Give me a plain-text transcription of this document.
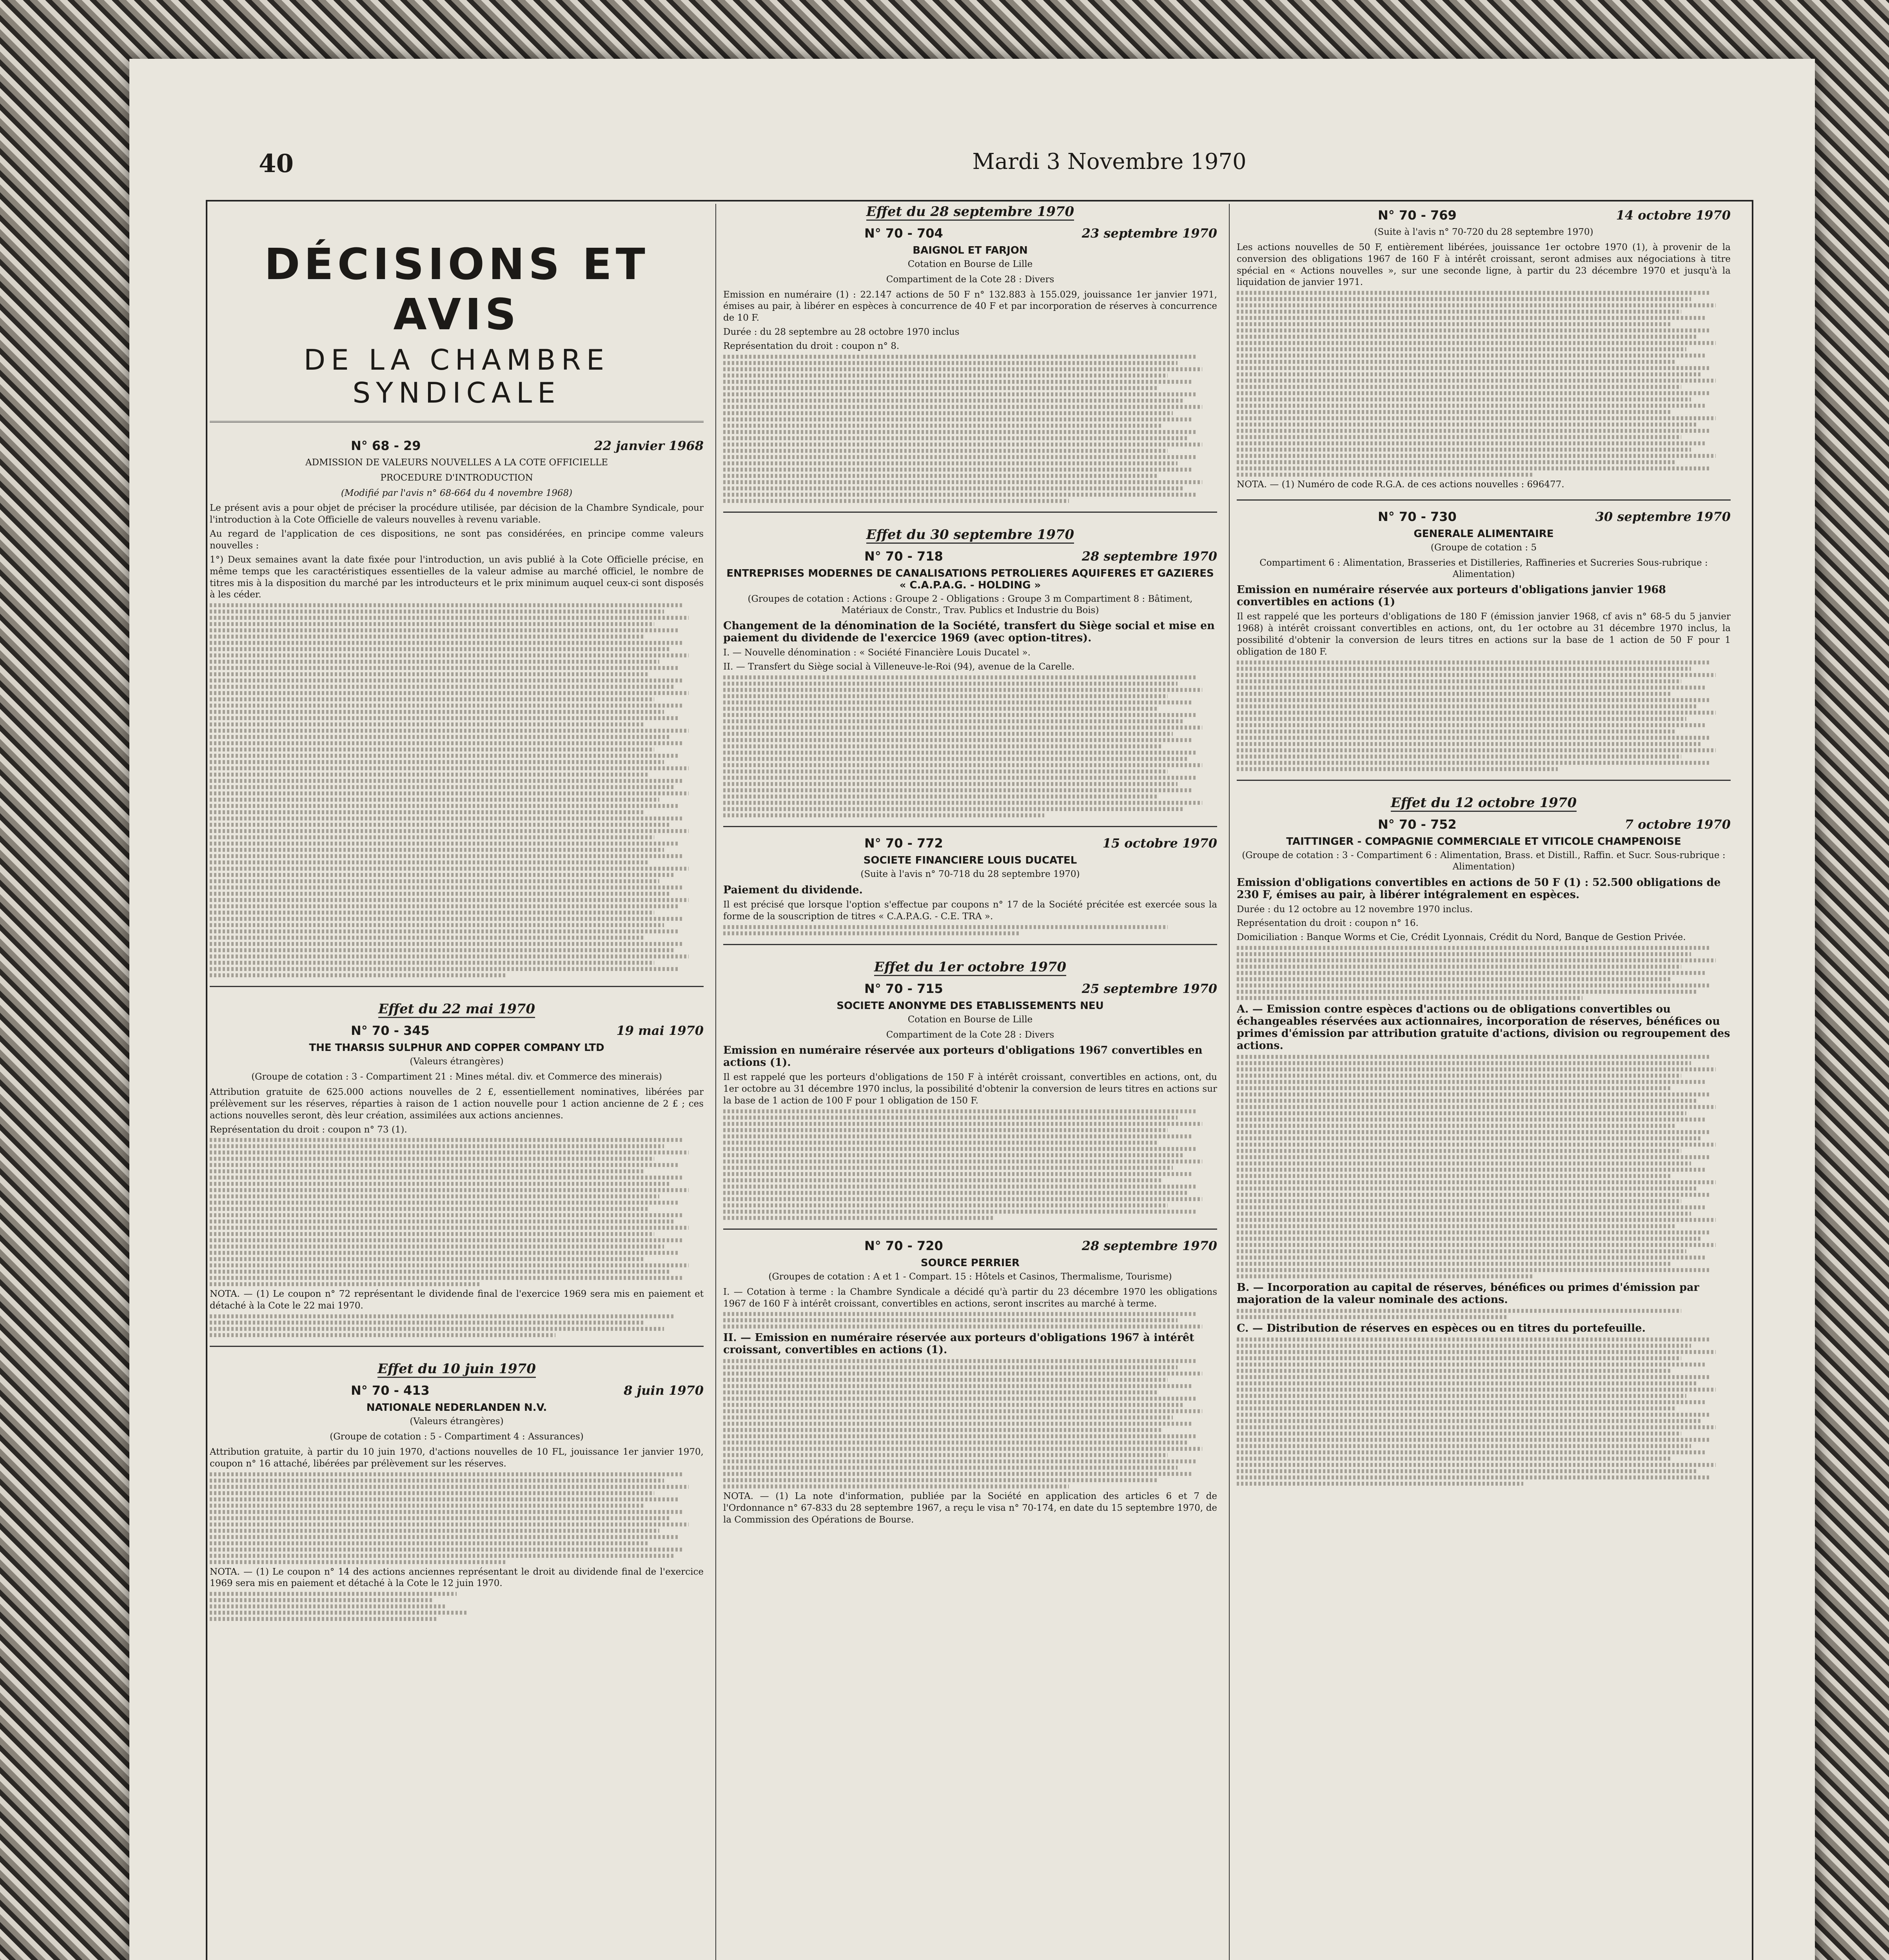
40	Mardi 3 Novembre 1970
DÉCISIONS ET AVIS
DE LA CHAMBRE SYNDICALE
N° 68 - 29	22 janvier 1968
ADMISSION DE VALEURS NOUVELLES A LA COTE OFFICIELLE
PROCEDURE D'INTRODUCTION
(Modifié par l'avis n° 68-664 du 4 novembre 1968)
Le présent avis a pour objet de préciser la procédure utilisée, par décision de la Chambre Syndicale, pour l'introduction à la Cote Officielle de valeurs nouvelles à revenu variable.
Au regard de l'application de ces dispositions, ne sont pas considérées, en principe comme valeurs nouvelles :
1°) Deux semaines avant la date fixée pour l'introduction, un avis publié à la Cote Officielle précise, en même temps que les caractéristiques essentielles de la valeur admise au marché officiel, le nombre de titres mis à la disposition du marché par les introducteurs et le prix minimum auquel ceux-ci sont disposés à les céder.
Effet du 22 mai 1970
N° 70 - 345	19 mai 1970
THE THARSIS SULPHUR AND COPPER COMPANY LTD
(Valeurs étrangères)
(Groupe de cotation : 3 - Compartiment 21 : Mines métal. div. et Commerce des minerais)
Attribution gratuite de 625.000 actions nouvelles de 2 £, essentiellement nominatives, libérées par prélèvement sur les réserves, réparties à raison de 1 action nouvelle pour 1 action ancienne de 2 £ ; ces actions nouvelles seront, dès leur création, assimilées aux actions anciennes.
Représentation du droit : coupon n° 73 (1).
NOTA. — (1) Le coupon n° 72 représentant le dividende final de l'exercice 1969 sera mis en paiement et détaché à la Cote le 22 mai 1970.
Effet du 10 juin 1970
N° 70 - 413	8 juin 1970
NATIONALE NEDERLANDEN N.V.
(Valeurs étrangères)
(Groupe de cotation : 5 - Compartiment 4 : Assurances)
Attribution gratuite, à partir du 10 juin 1970, d'actions nouvelles de 10 FL, jouissance 1er janvier 1970, coupon n° 16 attaché, libérées par prélèvement sur les réserves.
NOTA. — (1) Le coupon n° 14 des actions anciennes représentant le droit au dividende final de l'exercice 1969 sera mis en paiement et détaché à la Cote le 12 juin 1970.
Effet du 28 septembre 1970
N° 70 - 704	23 septembre 1970
BAIGNOL ET FARJON
Cotation en Bourse de Lille
Compartiment de la Cote 28 : Divers
Emission en numéraire (1) : 22.147 actions de 50 F n° 132.883 à 155.029, jouissance 1er janvier 1971, émises au pair, à libérer en espèces à concurrence de 40 F et par incorporation de réserves à concurrence de 10 F.
Durée : du 28 septembre au 28 octobre 1970 inclus
Représentation du droit : coupon n° 8.
Effet du 30 septembre 1970
N° 70 - 718	28 septembre 1970
ENTREPRISES MODERNES DE CANALISATIONS PETROLIERES AQUIFERES ET GAZIERES « C.A.P.A.G. - HOLDING »
(Groupes de cotation : Actions : Groupe 2 - Obligations : Groupe 3 m Compartiment 8 : Bâtiment, Matériaux de Constr., Trav. Publics et Industrie du Bois)
Changement de la dénomination de la Société, transfert du Siège social et mise en paiement du dividende de l'exercice 1969 (avec option-titres).
I. — Nouvelle dénomination : « Société Financière Louis Ducatel ».
II. — Transfert du Siège social à Villeneuve-le-Roi (94), avenue de la Carelle.
N° 70 - 772	15 octobre 1970
SOCIETE FINANCIERE LOUIS DUCATEL
(Suite à l'avis n° 70-718 du 28 septembre 1970)
Paiement du dividende.
Il est précisé que lorsque l'option s'effectue par coupons n° 17 de la Société précitée est exercée sous la forme de la souscription de titres « C.A.P.A.G. - C.E. TRA ».
Effet du 1er octobre 1970
N° 70 - 715	25 septembre 1970
SOCIETE ANONYME DES ETABLISSEMENTS NEU
Cotation en Bourse de Lille
Compartiment de la Cote 28 : Divers
Emission en numéraire réservée aux porteurs d'obligations 1967 convertibles en actions (1).
Il est rappelé que les porteurs d'obligations de 150 F à intérêt croissant, convertibles en actions, ont, du 1er octobre au 31 décembre 1970 inclus, la possibilité d'obtenir la conversion de leurs titres en actions sur la base de 1 action de 100 F pour 1 obligation de 150 F.
N° 70 - 720	28 septembre 1970
SOURCE PERRIER
(Groupes de cotation : A et 1 - Compart. 15 : Hôtels et Casinos, Thermalisme, Tourisme)
I. — Cotation à terme : la Chambre Syndicale a décidé qu'à partir du 23 décembre 1970 les obligations 1967 de 160 F à intérêt croissant, convertibles en actions, seront inscrites au marché à terme.
II. — Emission en numéraire réservée aux porteurs d'obligations 1967 à intérêt croissant, convertibles en actions (1).
NOTA. — (1) La note d'information, publiée par la Société en application des articles 6 et 7 de l'Ordonnance n° 67-833 du 28 septembre 1967, a reçu le visa n° 70-174, en date du 15 septembre 1970, de la Commission des Opérations de Bourse.
N° 70 - 769	14 octobre 1970
(Suite à l'avis n° 70-720 du 28 septembre 1970)
Les actions nouvelles de 50 F, entièrement libérées, jouissance 1er octobre 1970 (1), à provenir de la conversion des obligations 1967 de 160 F à intérêt croissant, seront admises aux négociations à titre spécial en « Actions nouvelles », sur une seconde ligne, à partir du 23 décembre 1970 et jusqu'à la liquidation de janvier 1971.
NOTA. — (1) Numéro de code R.G.A. de ces actions nouvelles : 696477.
N° 70 - 730	30 septembre 1970
GENERALE ALIMENTAIRE
(Groupe de cotation : 5
Compartiment 6 : Alimentation, Brasseries et Distilleries, Raffineries et Sucreries Sous-rubrique : Alimentation)
Emission en numéraire réservée aux porteurs d'obligations janvier 1968 convertibles en actions (1)
Il est rappelé que les porteurs d'obligations de 180 F (émission janvier 1968, cf avis n° 68-5 du 5 janvier 1968) à intérêt croissant convertibles en actions, ont, du 1er octobre au 31 décembre 1970 inclus, la possibilité d'obtenir la conversion de leurs titres en actions sur la base de 1 action de 50 F pour 1 obligation de 180 F.
Effet du 12 octobre 1970
N° 70 - 752	7 octobre 1970
TAITTINGER - COMPAGNIE COMMERCIALE ET VITICOLE CHAMPENOISE
(Groupe de cotation : 3 - Compartiment 6 : Alimentation, Brass. et Distill., Raffin. et Sucr. Sous-rubrique : Alimentation)
Emission d'obligations convertibles en actions de 50 F (1) : 52.500 obligations de 230 F, émises au pair, à libérer intégralement en espèces.
Durée : du 12 octobre au 12 novembre 1970 inclus.
Représentation du droit : coupon n° 16.
Domiciliation : Banque Worms et Cie, Crédit Lyonnais, Crédit du Nord, Banque de Gestion Privée.
A. — Emission contre espèces d'actions ou de obligations convertibles ou échangeables réservées aux actionnaires, incorporation de réserves, bénéfices ou primes d'émission par attribution gratuite d'actions, division ou regroupement des actions.
B. — Incorporation au capital de réserves, bénéfices ou primes d'émission par majoration de la valeur nominale des actions.
C. — Distribution de réserves en espèces ou en titres du portefeuille.
